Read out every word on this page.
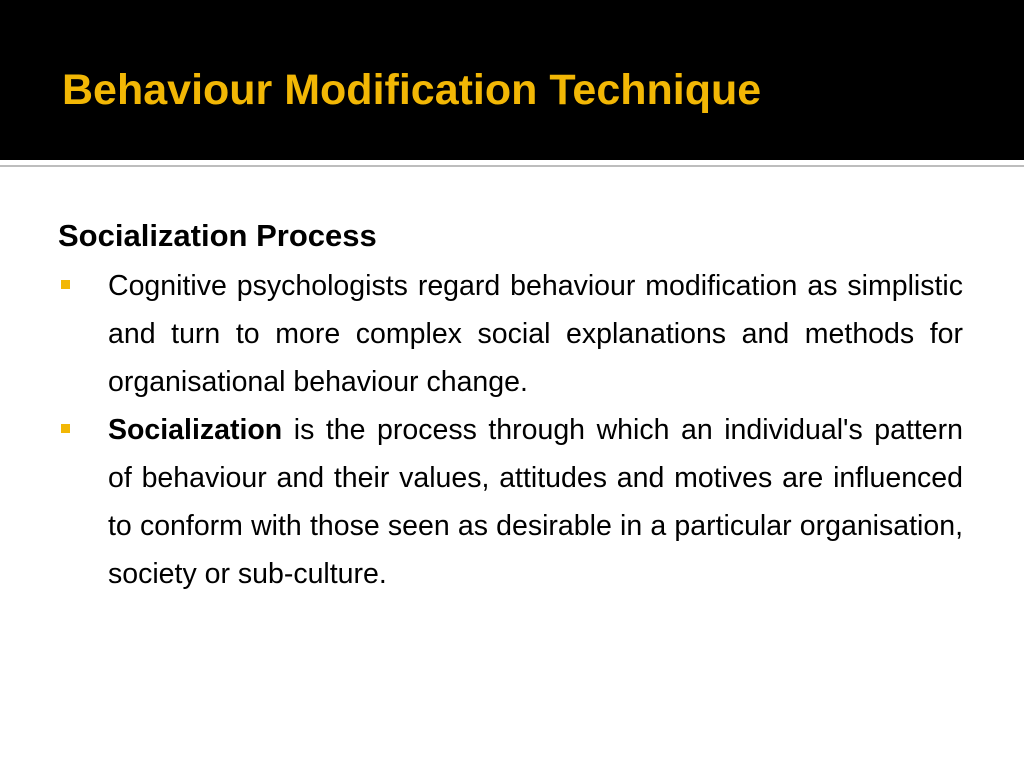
Behaviour Modification Technique

Socialization Process

Cognitive psychologists regard behaviour modification as simplistic and turn to more complex social explanations and methods for organisational behaviour change.
Socialization is the process through which an individual's pattern of behaviour and their values, attitudes and motives are influenced to conform with those seen as desirable in a particular organisation, society or sub-culture.
